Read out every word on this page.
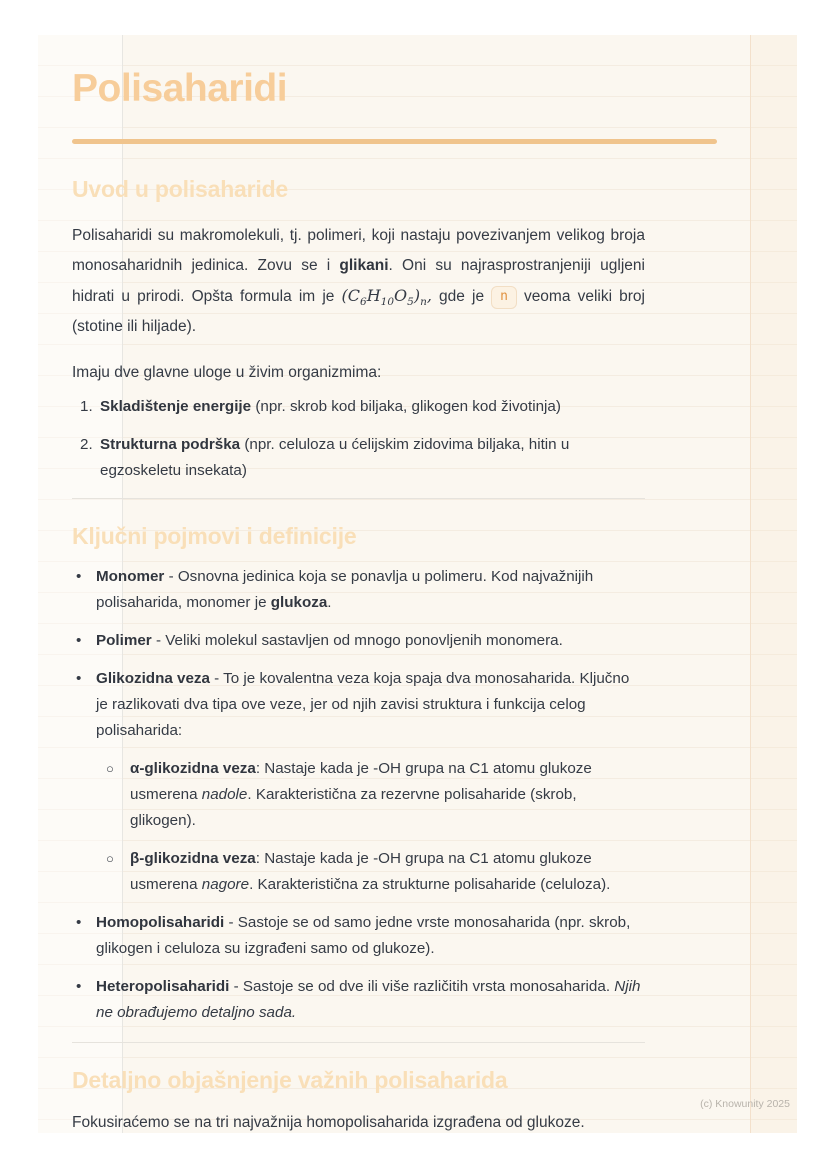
Polisaharidi
Uvod u polisaharide

Polisaharidi su makromolekuli, tj. polimeri, koji nastaju povezivanjem velikog broja monosaharidnih jedinica. Zovu se i glikani. Oni su najrasprostranjeniji ugljeni hidrati u prirodi. Opšta formula im je $(C_6H_{10}O_5)_n$, gde je n veoma veliki broj (stotine ili hiljade).

Imaju dve glavne uloge u živim organizmima:

1. Skladištenje energije (npr. skrob kod biljaka, glikogen kod životinja)
2. Strukturna podrška (npr. celuloza u ćelijskim zidovima biljaka, hitin u egzoskeletu insekata)
Ključni pojmovi i definicije
• Monomer - Osnovna jedinica koja se ponavlja u polimeru. Kod najvažnijih polisaharida, monomer je glukoza.
• Polimer - Veliki molekul sastavljen od mnogo ponovljenih monomera.
• Glikozidna veza - To je kovalentna veza koja spaja dva monosaharida. Ključno je razlikovati dva tipa ove veze, jer od njih zavisi struktura i funkcija celog polisaharida:
○	α-glikozidna veza: Nastaje kada je -OH grupa na C1 atomu glukoze usmerena nadole. Karakteristična za rezervne polisaharide (skrob, glikogen).
○	β-glikozidna veza: Nastaje kada je -OH grupa na C1 atomu glukoze usmerena nagore. Karakteristična za strukturne polisaharide (celuloza).
• Homopolisaharidi - Sastoje se od samo jedne vrste monosaharida (npr. skrob, glikogen i celuloza su izgrađeni samo od glukoze).
• Heteropolisaharidi - Sastoje se od dve ili više različitih vrsta monosaharida. Njih ne obrađujemo detaljno sada.
Detaljno objašnjenje važnih polisaharida

Fokusiraćemo se na tri najvažnija homopolisaharida izgrađena od glukoze.

(c) Knowunity 2025
